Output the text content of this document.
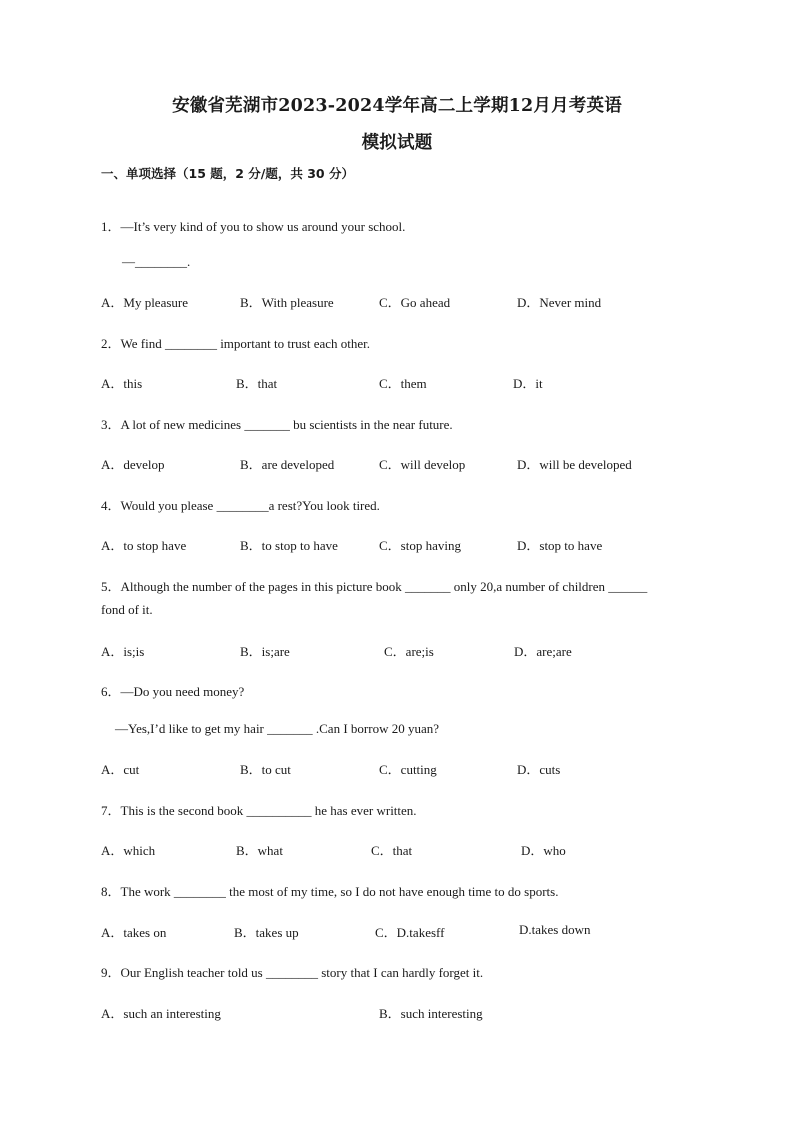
安徽省芜湖市2023-2024学年高二上学期12月月考英语
模拟试题
一、单项选择（15 题，2 分/题，共 30 分）
1．—It’s very kind of you to show us around your school.
—________.
A．My pleasure	B．With pleasure	C．Go ahead	D．Never mind
2．We find ________ important to trust each other.
A．this	B．that	C．them	D．it
3．A lot of new medicines _______ bu scientists in the near future.
A．develop	B．are developed	C．will develop	D．will be developed
4．Would you please ________a rest?You look tired.
A．to stop have	B．to stop to have	C．stop having	D．stop to have
5．Although the number of the pages in this picture book _______ only 20,a number of children ______
fond of it.
A．is;is	B．is;are	C．are;is	D．are;are
6．—Do you need money?
—Yes,I’d like to get my hair _______ .Can I borrow 20 yuan?
A．cut	B．to cut	C．cutting	D．cuts
7．This is the second book __________ he has ever written.
A．which	B．what	C．that	D．who
8．The work ________ the most of my time, so I do not have enough time to do sports.
A．takes on	B．takes up	C．D.takesff	D.takes down
9．Our English teacher told us ________ story that I can hardly forget it.
A．such an interesting	B．such interesting
